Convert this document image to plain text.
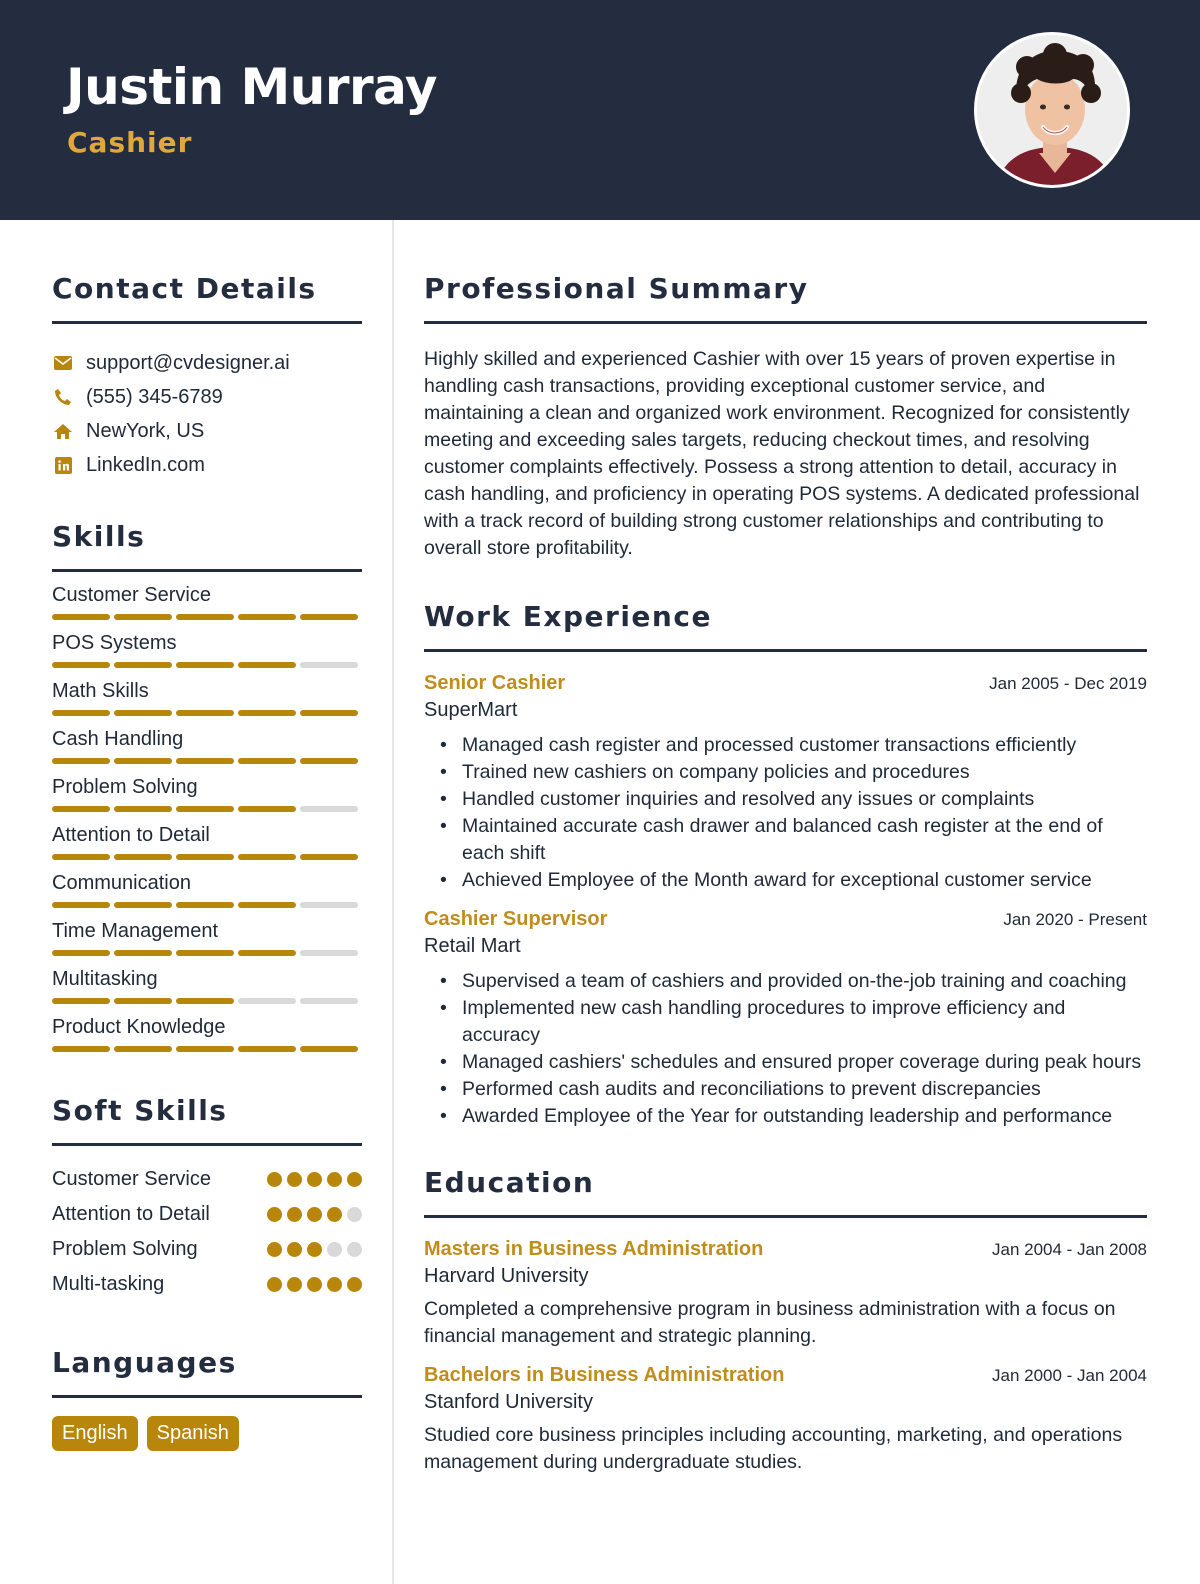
Justin Murray
Cashier
Contact Details
support@cvdesigner.ai
(555) 345-6789
NewYork, US
LinkedIn.com
Skills
Customer Service
POS Systems
Math Skills
Cash Handling
Problem Solving
Attention to Detail
Communication
Time Management
Multitasking
Product Knowledge
Soft Skills
Customer Service
Attention to Detail
Problem Solving
Multi-tasking
Languages
English	Spanish
Professional Summary

Highly skilled and experienced Cashier with over 15 years of proven expertise in handling cash transactions, providing exceptional customer service, and maintaining a clean and organized work environment. Recognized for consistently meeting and exceeding sales targets, reducing checkout times, and resolving customer complaints effectively. Possess a strong attention to detail, accuracy in cash handling, and proficiency in operating POS systems. A dedicated professional with a track record of building strong customer relationships and contributing to overall store profitability.

Work Experience
Senior Cashier	Jan 2005 - Dec 2019
SuperMart
• Managed cash register and processed customer transactions efficiently
• Trained new cashiers on company policies and procedures
• Handled customer inquiries and resolved any issues or complaints
• Maintained accurate cash drawer and balanced cash register at the end of each shift
• Achieved Employee of the Month award for exceptional customer service
Cashier Supervisor	Jan 2020 - Present
Retail Mart
• Supervised a team of cashiers and provided on-the-job training and coaching
• Implemented new cash handling procedures to improve efficiency and accuracy
• Managed cashiers' schedules and ensured proper coverage during peak hours
• Performed cash audits and reconciliations to prevent discrepancies
• Awarded Employee of the Year for outstanding leadership and performance
Education
Masters in Business Administration	Jan 2004 - Jan 2008
Harvard University

Completed a comprehensive program in business administration with a focus on financial management and strategic planning.

Bachelors in Business Administration	Jan 2000 - Jan 2004
Stanford University

Studied core business principles including accounting, marketing, and operations management during undergraduate studies.
